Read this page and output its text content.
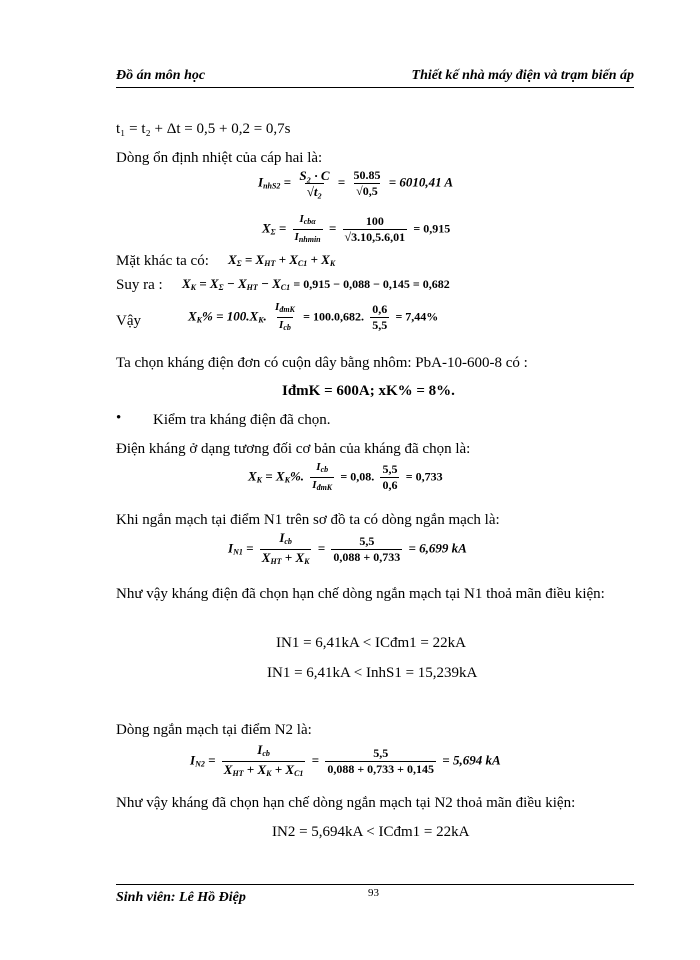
Đồ án môn học	Thiết kế nhà máy điện và trạm biến áp
t₁ = t₂ + Δt = 0,5 + 0,2 = 0,7s
Dòng ổn định nhiệt của cáp hai là:
$I_{nhS2} = \frac{\text{S₂ · C}}{\text{√t₂}} = \frac{50.85}{√0,5} = 6010,41$ A
$X_\Sigma = \frac{I_{cb\alpha}}{I_{nhmin}} = \frac{100}{√3.10,5.6,01} = 0,915$
Mặt khác ta có: $X_\Sigma = X_{HT} + X_{C1} + X_K$
Suy ra : $X_K = X_\Sigma - X_{HT} - X_{C1} = 0,915 - 0,088 - 0,145 = 0,682$
Vậy	$X_K\% = 100.X_K$. $\frac{I_{đmK}}{I_{cb}} = 100.0,682$. $\frac{0,6}{5,5} = 7,44\%$
Ta chọn kháng điện đơn có cuộn dây bằng nhôm: PbA-10-600-8 có :
IđmK = 600A; xK% = 8%.
• Kiểm tra kháng điện đã chọn.
Điện kháng ở dạng tương đối cơ bản của kháng đã chọn là:
$X_K = X_K\%$. $\frac{I_{cb}}{I_{đmK}} = 0,08$. $\frac{5,5}{0,6} = 0,733$
Khi ngắn mạch tại điểm N1 trên sơ đồ ta có dòng ngắn mạch là:
$I_{N1} = \frac{I_{cb}}{X_{HT} + X_K} = \frac{5,5}{0,088 + 0,733} = 6,699$ kA
Như vậy kháng điện đã chọn hạn chế dòng ngắn mạch tại N1 thoả mãn điều kiện:
IN1 = 6,41kA < ICđm1 = 22kA
IN1 = 6,41kA < InhS1 = 15,239kA
Dòng ngắn mạch tại điểm N2 là:
$I_{N2} = \frac{I_{cb}}{X_{HT} + X_K + X_{C1}} = \frac{5,5}{0,088 + 0,733 + 0,145} = 5,694$ kA
Như vậy kháng đã chọn hạn chế dòng ngắn mạch tại N2 thoả mãn điều kiện:
IN2 = 5,694kA < ICđm1 = 22kA
Sinh viên: Lê Hồ Điệp	93
